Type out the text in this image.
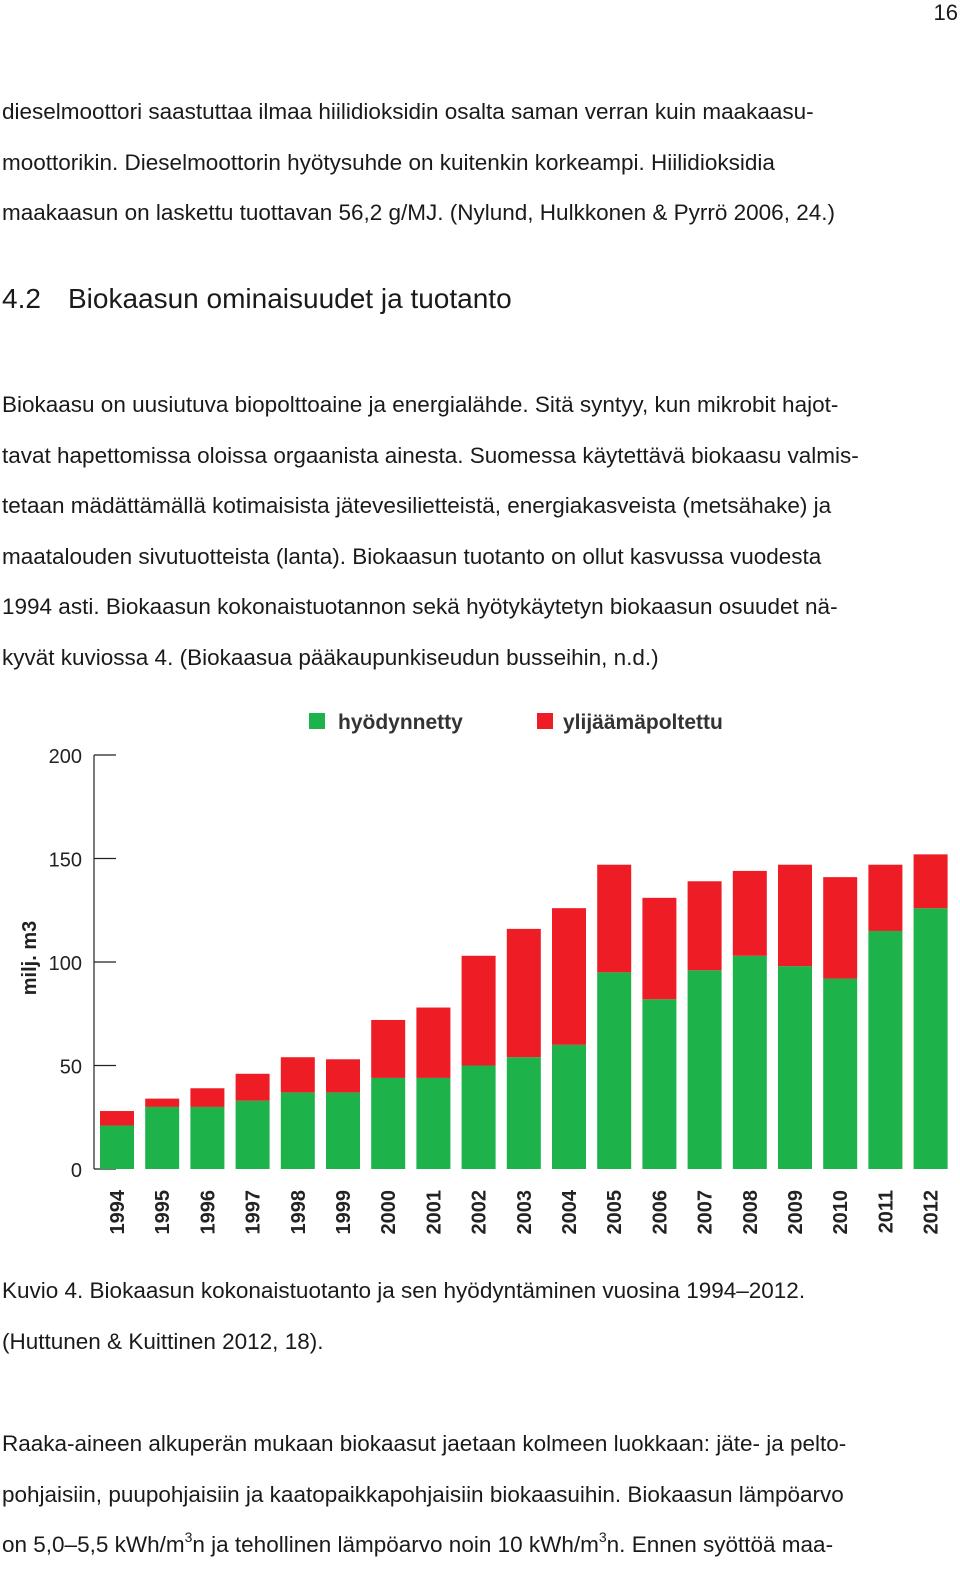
16

dieselmoottori saastuttaa ilmaa hiilidioksidin osalta saman verran kuin maakaasu-
moottorikin. Dieselmoottorin hyötysuhde on kuitenkin korkeampi. Hiilidioksidia
maakaasun on laskettu tuottavan 56,2 g/MJ. (Nylund, Hulkkonen & Pyrrö 2006, 24.)

4.2 Biokaasun ominaisuudet ja tuotanto

Biokaasu on uusiutuva biopolttoaine ja energialähde. Sitä syntyy, kun mikrobit hajot-
tavat hapettomissa oloissa orgaanista ainesta. Suomessa käytettävä biokaasu valmis-
tetaan mädättämällä kotimaisista jätevesilietteistä, energiakasveista (metsähake) ja
maatalouden sivutuotteista (lanta). Biokaasun tuotanto on ollut kasvussa vuodesta
1994 asti. Biokaasun kokonaistuotannon sekä hyötykäytetyn biokaasun osuudet nä-
kyvät kuviossa 4. (Biokaasua pääkaupunkiseudun busseihin, n.d.)

0
50
100
150
200
milj. m3
1994 1995 1996 1997 1998 1999 2000 2001 2002 2003 2004 2005 2006 2007 2008 2009 2010 2011 2012
hyödynnetty	ylijäämäpoltettu

Kuvio 4. Biokaasun kokonaistuotanto ja sen hyödyntäminen vuosina 1994–2012.
(Huttunen & Kuittinen 2012, 18).

Raaka-aineen alkuperän mukaan biokaasut jaetaan kolmeen luokkaan: jäte- ja pelto-
pohjaisiin, puupohjaisiin ja kaatopaikkapohjaisiin biokaasuihin. Biokaasun lämpöarvo
on 5,0–5,5 kWh/$m^3n$ ja tehollinen lämpöarvo noin 10 kWh/$m^3n$. Ennen syöttöä maa-
